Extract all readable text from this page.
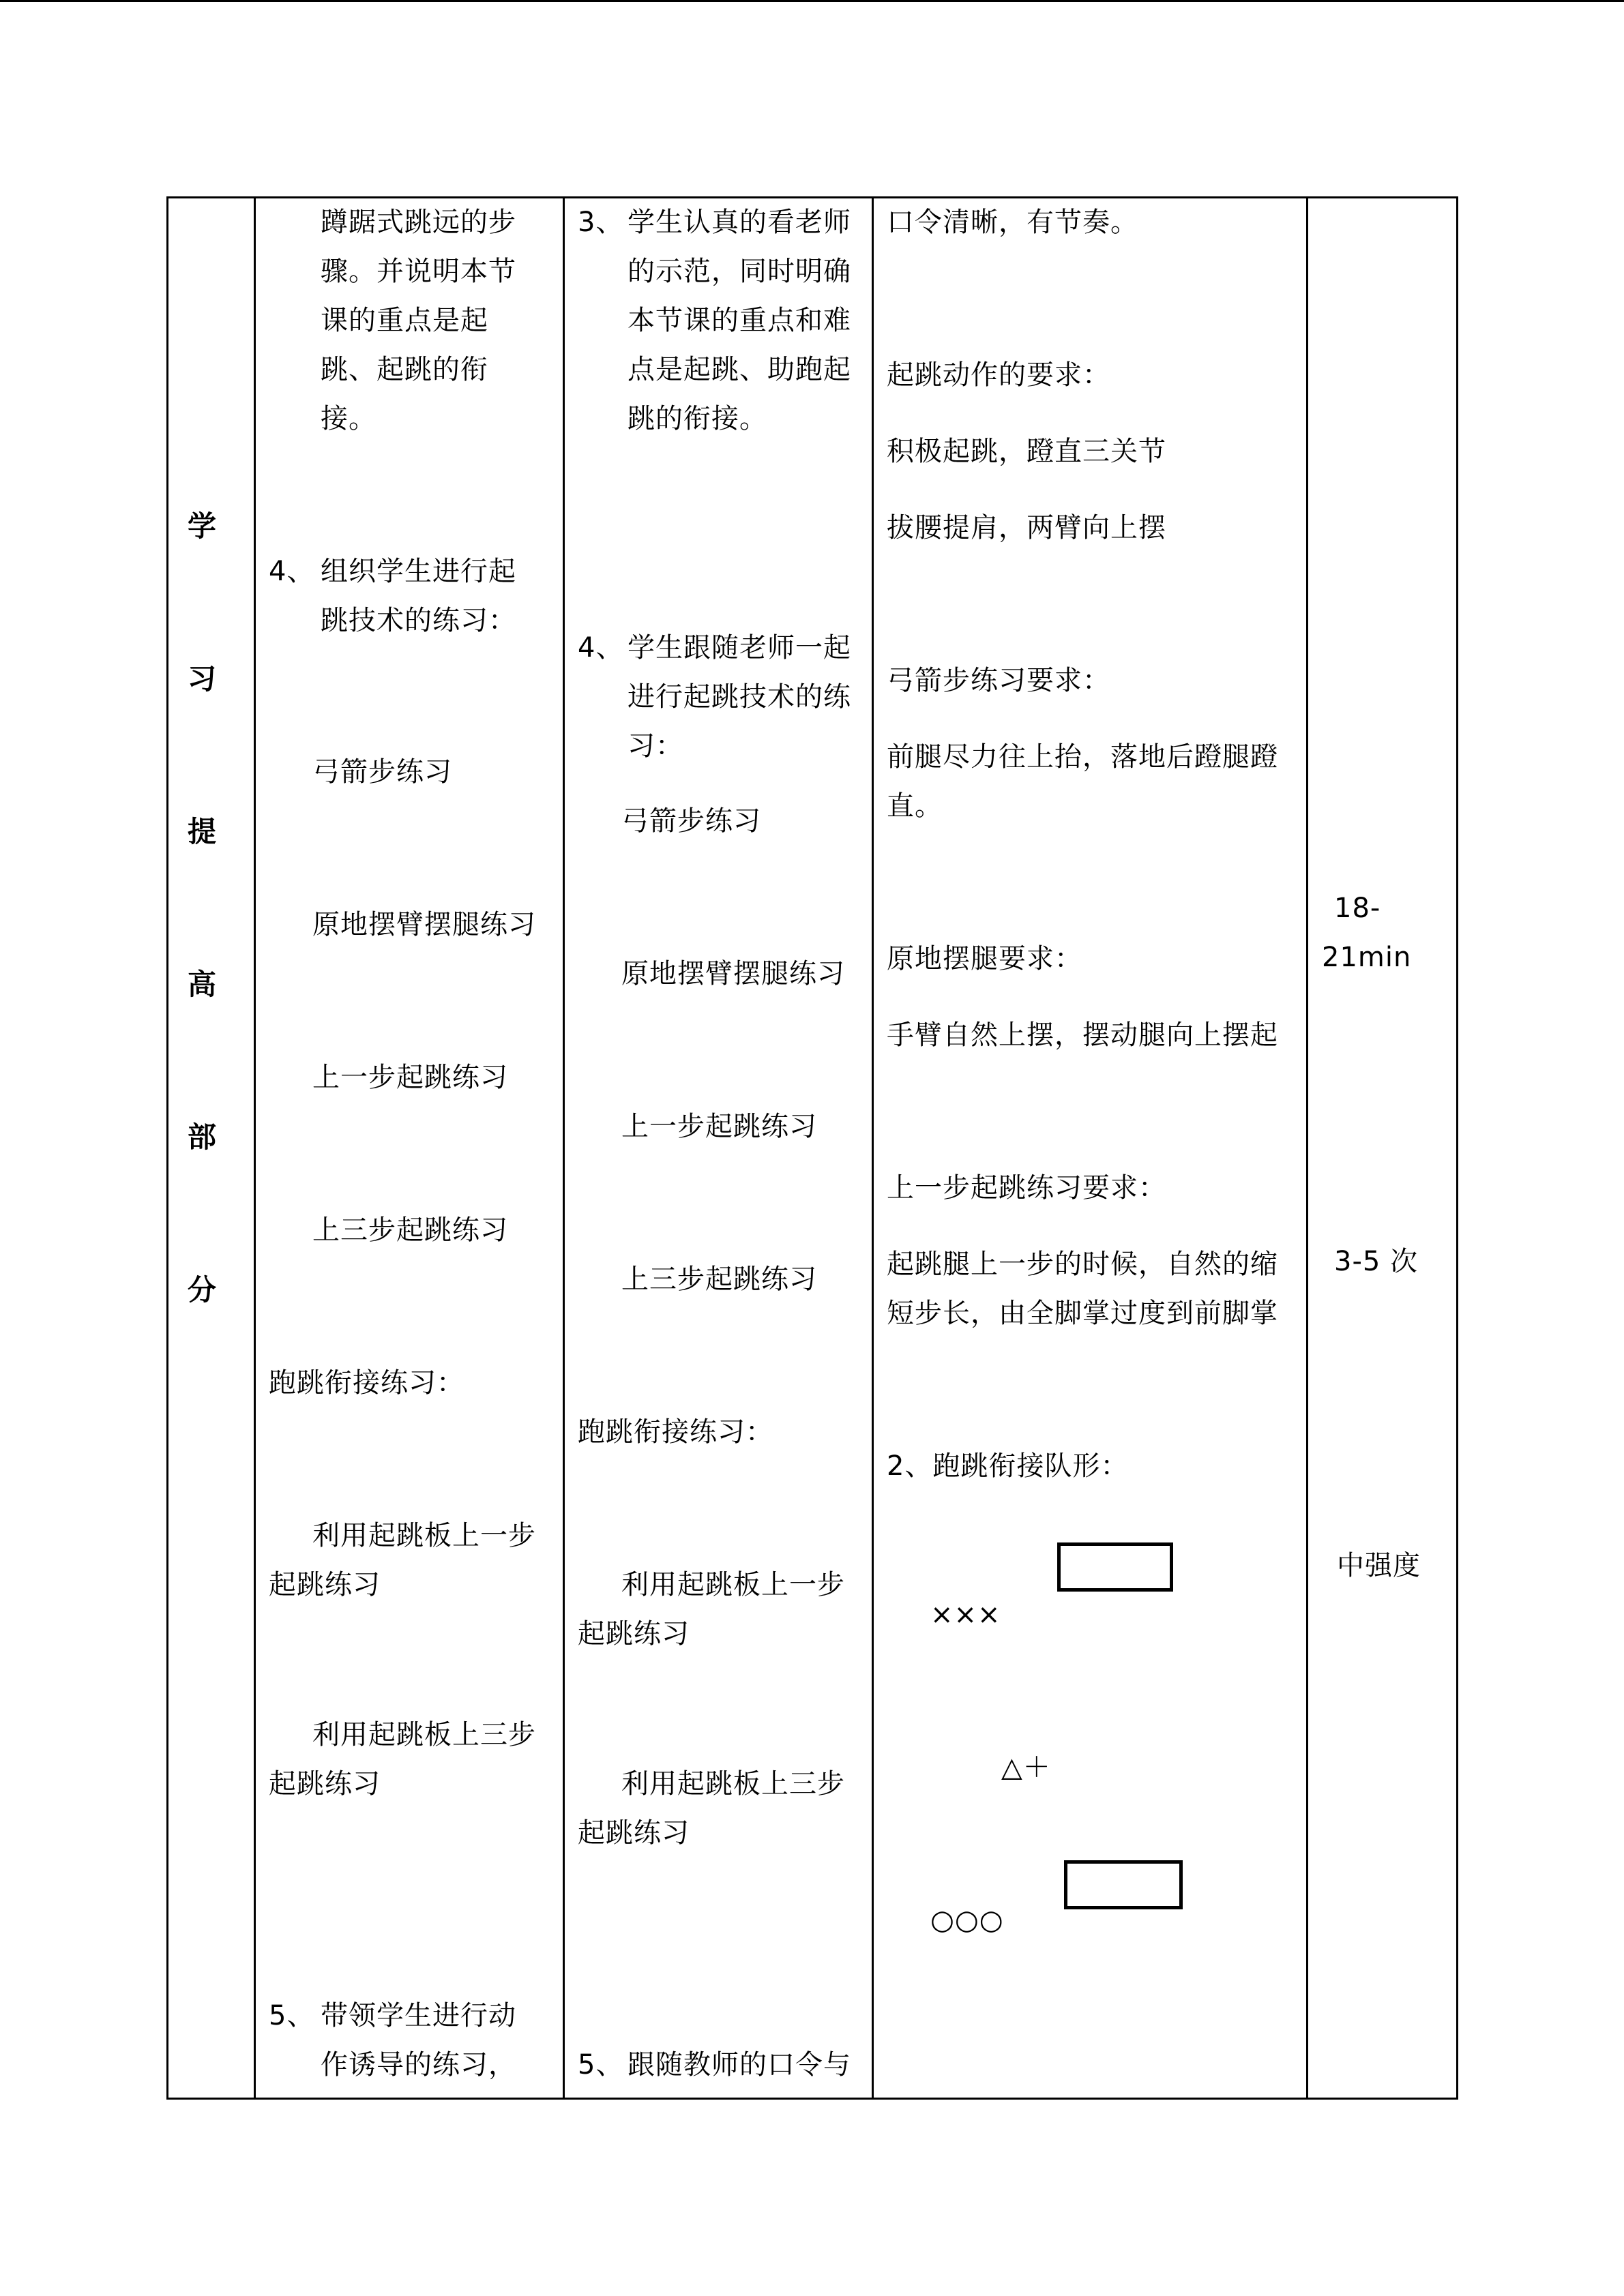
学
习
提
高
部
分
蹲踞式跳远的步
骤。并说明本节
课的重点是起
跳、起跳的衔
接。
4、 组织学生进行起
跳技术的练习：
弓箭步练习
原地摆臂摆腿练习
上一步起跳练习
上三步起跳练习
跑跳衔接练习：
利用起跳板上一步
起跳练习
利用起跳板上三步
起跳练习
5、 带领学生进行动
作诱导的练习，
3、 学生认真的看老师
的示范，同时明确
本节课的重点和难
点是起跳、助跑起
跳的衔接。
4、 学生跟随老师一起
进行起跳技术的练
习：
弓箭步练习
原地摆臂摆腿练习
上一步起跳练习
上三步起跳练习
跑跳衔接练习：
利用起跳板上一步
起跳练习
利用起跳板上三步
起跳练习
5、 跟随教师的口令与
口令清晰，有节奏。
起跳动作的要求：
积极起跳，蹬直三关节
拔腰提肩，两臂向上摆
弓箭步练习要求：
前腿尽力往上抬，落地后蹬腿蹬
直。
原地摆腿要求：
手臂自然上摆，摆动腿向上摆起
上一步起跳练习要求：
起跳腿上一步的时候，自然的缩
短步长，由全脚掌过度到前脚掌
2、跑跳衔接队形：
×××
△＋
○○○
18-
21min
3-5 次
中强度
